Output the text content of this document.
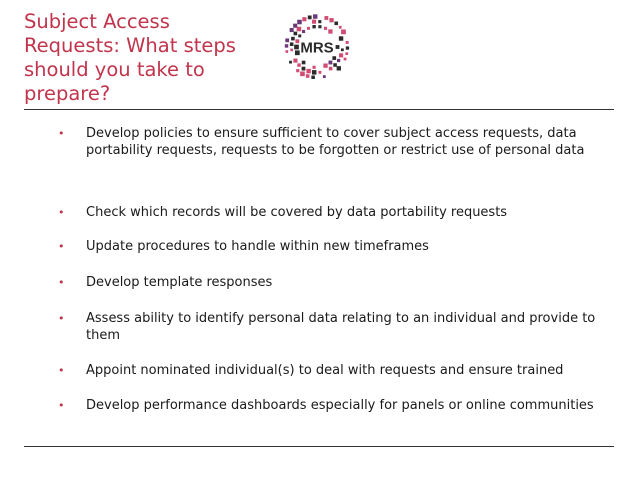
Subject Access Requests: What steps should you take to prepare?
MRS
•	Develop policies to ensure sufficient to cover subject access requests, data portability requests, requests to be forgotten or restrict use of personal data
•	Check which records will be covered by data portability requests
•	Update procedures to handle within new timeframes
•	Develop template responses
•	Assess ability to identify personal data relating to an individual and provide to them
•	Appoint nominated individual(s) to deal with requests and ensure trained
•	Develop performance dashboards especially for panels or online communities
